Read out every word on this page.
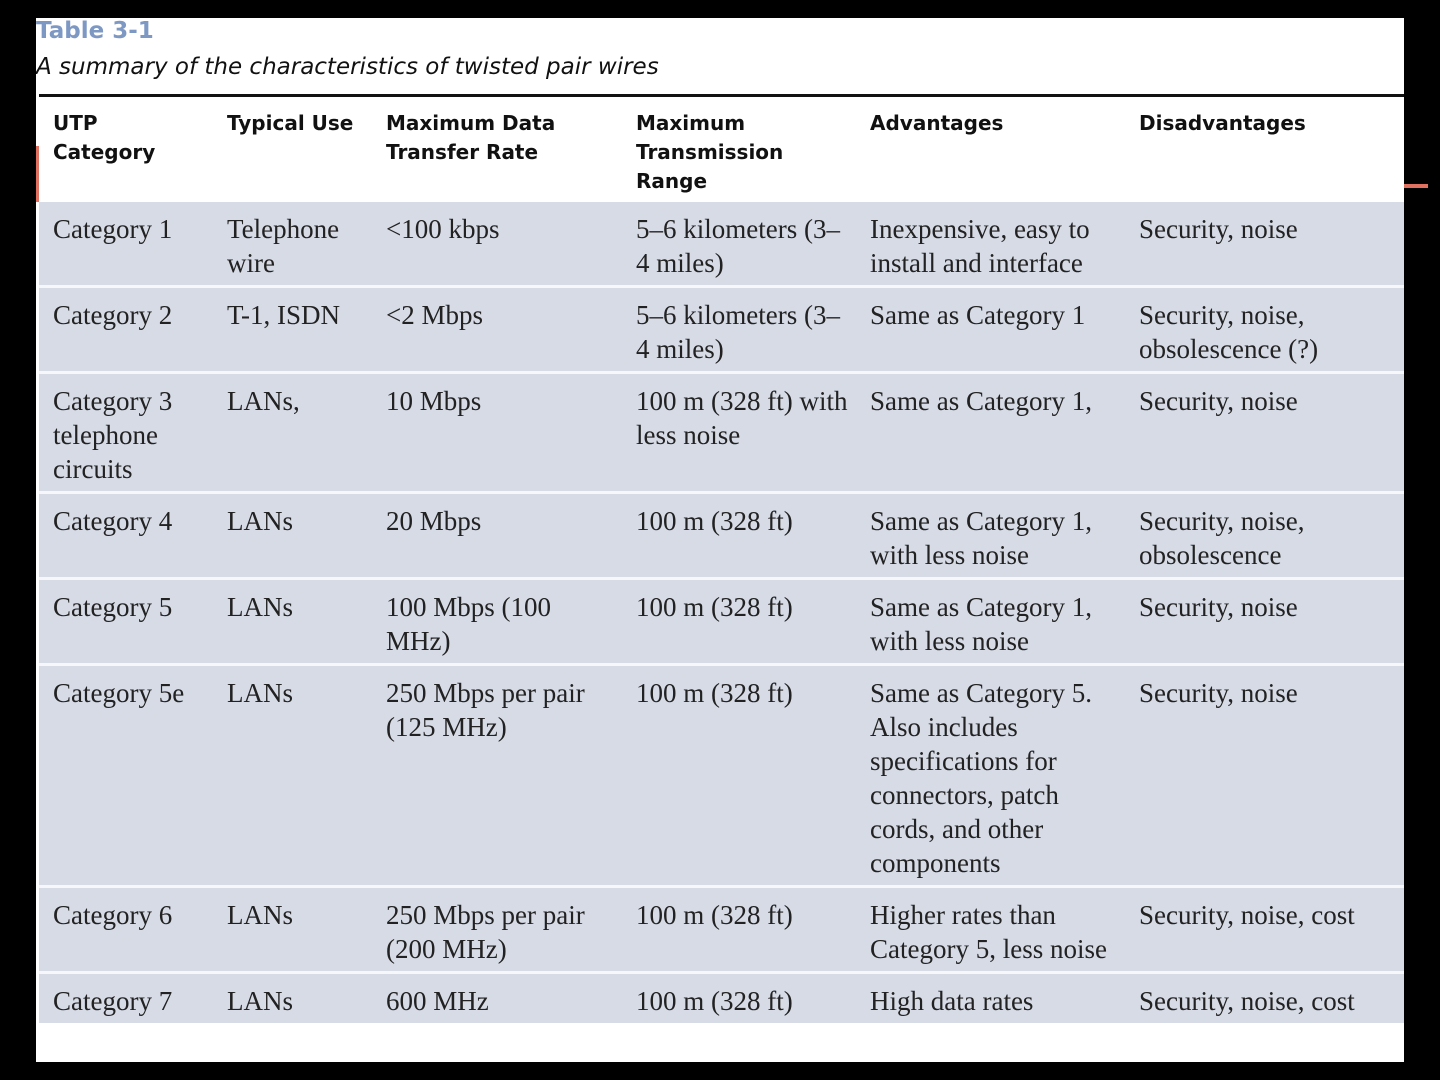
Table 3-1
A summary of the characteristics of twisted pair wires
UTP Category	Typical Use	Maximum Data Transfer Rate	Maximum Transmission Range	Advantages	Disadvantages
Category 1	Telephone wire	<100 kbps	5–6 kilometers (3–4 miles)	Inexpensive, easy to install and interface	Security, noise
Category 2	T-1, ISDN	<2 Mbps	5–6 kilometers (3–4 miles)	Same as Category 1	Security, noise, obsolescence (?)
Category 3 telephone circuits	LANs,	10 Mbps	100 m (328 ft) with less noise	Same as Category 1,	Security, noise
Category 4	LANs	20 Mbps	100 m (328 ft)	Same as Category 1, with less noise	Security, noise, obsolescence
Category 5	LANs	100 Mbps (100 MHz)	100 m (328 ft)	Same as Category 1, with less noise	Security, noise
Category 5e	LANs	250 Mbps per pair (125 MHz)	100 m (328 ft)	Same as Category 5. Also includes specifications for connectors, patch cords, and other components	Security, noise
Category 6	LANs	250 Mbps per pair (200 MHz)	100 m (328 ft)	Higher rates than Category 5, less noise	Security, noise, cost
Category 7	LANs	600 MHz	100 m (328 ft)	High data rates	Security, noise, cost
